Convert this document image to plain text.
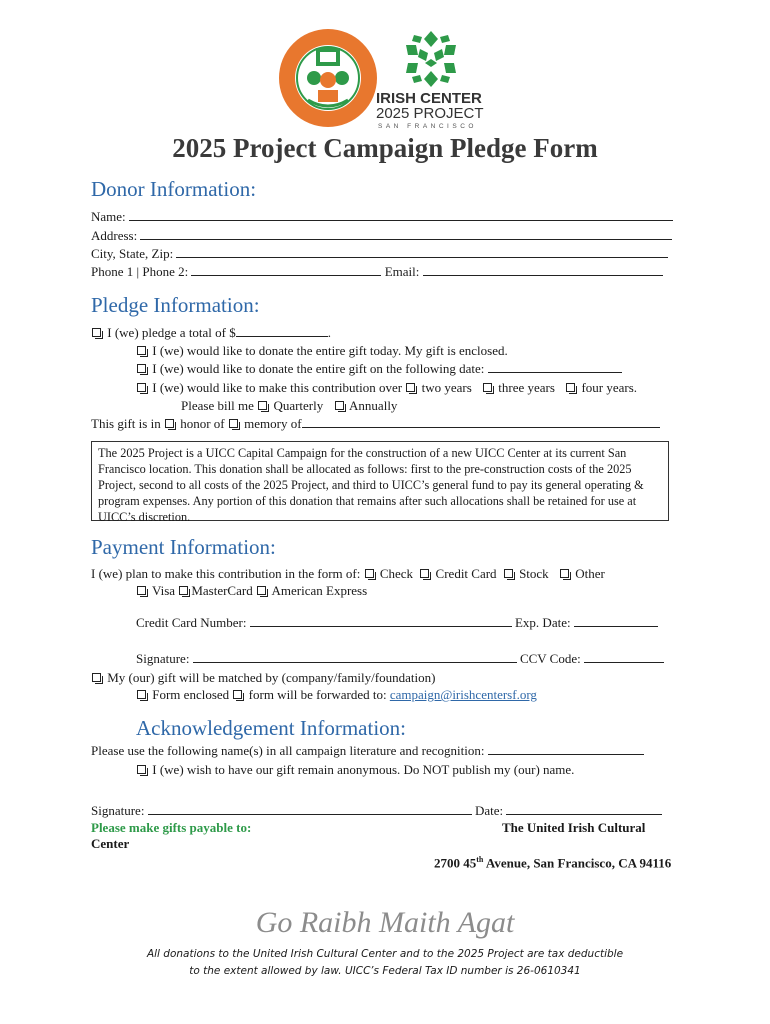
IRISH CENTER
2025 PROJECT
SAN FRANCISCO
2025 Project Campaign Pledge Form
Donor Information:
Name:
Address:
City, State, Zip:
Phone 1 | Phone 2:	Email:
Pledge Information:
I (we) pledge a total of $	.
I (we) would like to donate the entire gift today. My gift is enclosed.
I (we) would like to donate the entire gift on the following date:
I (we) would like to make this contribution over two years three years four years.
Please bill me Quarterly Annually
This gift is in honor of memory of
The 2025 Project is a UICC Capital Campaign for the construction of a new UICC Center at its current San Francisco location. This donation shall be allocated as follows: first to the pre-construction costs of the 2025 Project, second to all costs of the 2025 Project, and third to UICC’s general fund to pay its general operating & program expenses. Any portion of this donation that remains after such allocations shall be retained for use at UICC’s discretion.
Payment Information:
I (we) plan to make this contribution in the form of: Check Credit Card Stock Other
Visa MasterCard American Express
Credit Card Number:	Exp. Date:
Signature:	CCV Code:
My (our) gift will be matched by (company/family/foundation)
Form enclosed form will be forwarded to: campaign@irishcentersf.org
Acknowledgement Information:
Please use the following name(s) in all campaign literature and recognition:
I (we) wish to have our gift remain anonymous. Do NOT publish my (our) name.
Signature:	Date:
Please make gifts payable to:	The United Irish Cultural
Center
2700 45th Avenue, San Francisco, CA 94116
Go Raibh Maith Agat
All donations to the United Irish Cultural Center and to the 2025 Project are tax deductible
to the extent allowed by law. UICC’s Federal Tax ID number is 26-0610341
